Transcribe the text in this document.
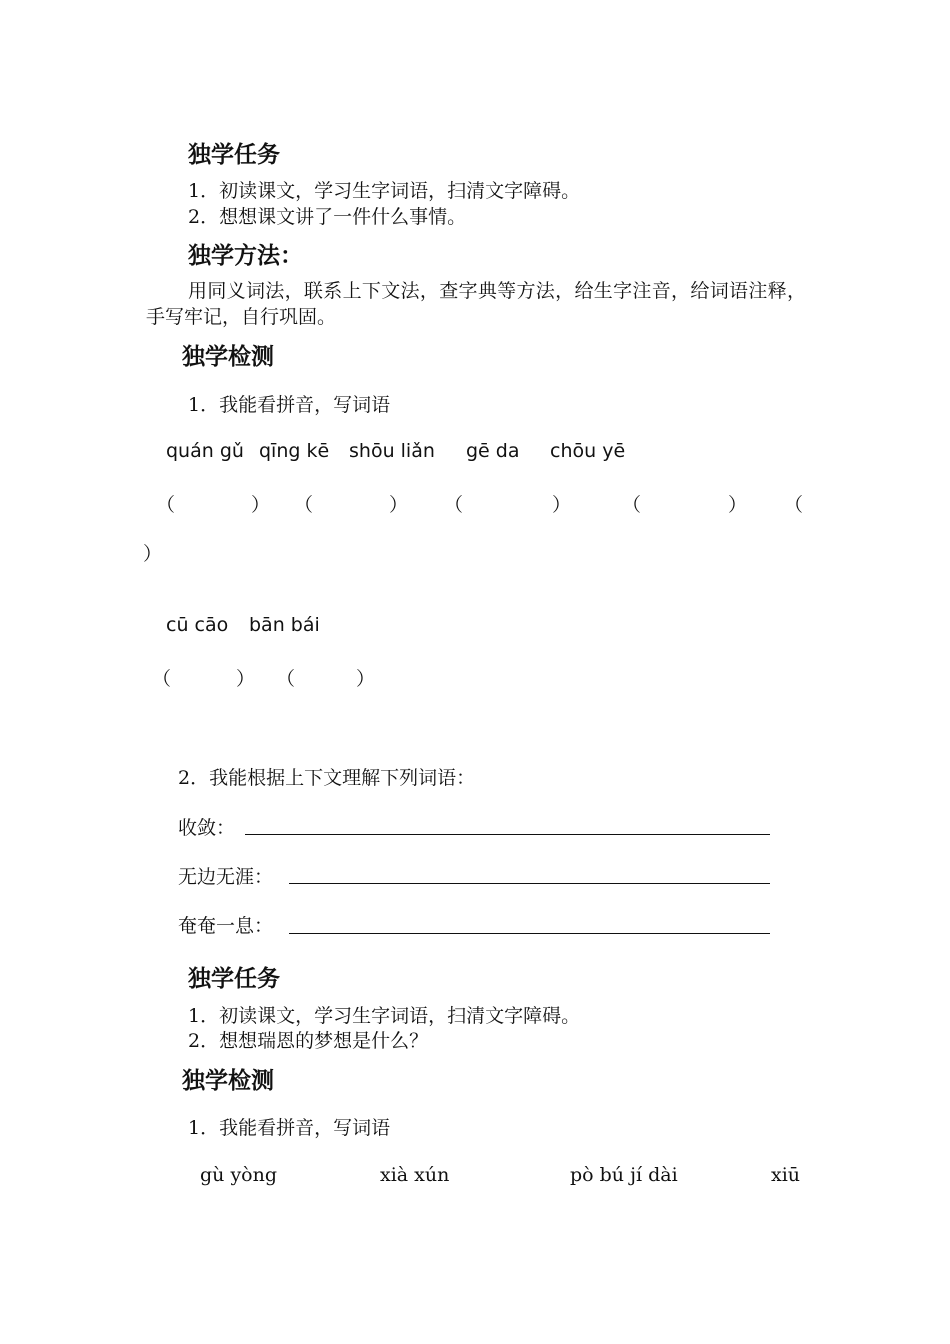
独学任务
1．初读课文，学习生字词语，扫清文字障碍。
2．想想课文讲了一件什么事情。
独学方法：
用同义词法，联系上下文法，查字典等方法，给生字注音，给词语注释，手写牢记，自行巩固。
独学检测
1．我能看拼音，写词语
quán gǔ qīng kē shōu liǎn gē da chōu yē
（	） （	） （	）	（	） （
）
cū cāo bān bái
（	） （	）
2．我能根据上下文理解下列词语：
收敛：
无边无涯：
奄奄一息：
独学任务
1．初读课文，学习生字词语，扫清文字障碍。
2．想想瑞恩的梦想是什么？
独学检测
1．我能看拼音，写词语
gù yòng	xià xún	pò bú jí dài	xiū
